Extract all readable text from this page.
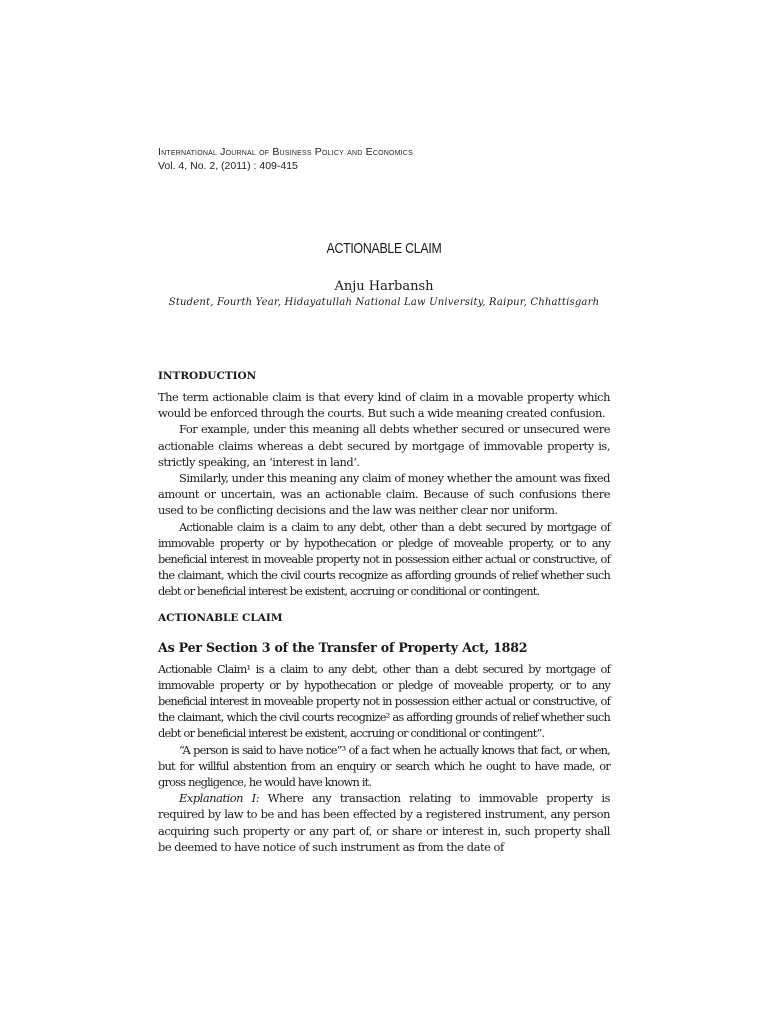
International Journal of Business Policy and Economics
Vol. 4, No. 2, (2011) : 409-415
ACTIONABLE CLAIM
Anju Harbansh
Student, Fourth Year, Hidayatullah National Law University, Raipur, Chhattisgarh
INTRODUCTION

The term actionable claim is that every kind of claim in a movable property which would be enforced through the courts. But such a wide meaning created confusion.

For example, under this meaning all debts whether secured or unsecured were actionable claims whereas a debt secured by mortgage of immovable property is, strictly speaking, an ‘interest in land’.

Similarly, under this meaning any claim of money whether the amount was fixed amount or uncertain, was an actionable claim. Because of such confusions there used to be conflicting decisions and the law was neither clear nor uniform.

Actionable claim is a claim to any debt, other than a debt secured by mortgage of immovable property or by hypothecation or pledge of moveable property, or to any beneficial interest in moveable property not in possession either actual or constructive, of the claimant, which the civil courts recognize as affording grounds of relief whether such debt or beneficial interest be existent, accruing or conditional or contingent.

ACTIONABLE CLAIM
As Per Section 3 of the Transfer of Property Act, 1882

Actionable Claim¹ is a claim to any debt, other than a debt secured by mortgage of immovable property or by hypothecation or pledge of moveable property, or to any beneficial interest in moveable property not in possession either actual or constructive, of the claimant, which the civil courts recognize² as affording grounds of relief whether such debt or beneficial interest be existent, accruing or conditional or contingent”.

“A person is said to have notice”³ of a fact when he actually knows that fact, or when, but for willful abstention from an enquiry or search which he ought to have made, or gross negligence, he would have known it.

Explanation I: Where any transaction relating to immovable property is required by law to be and has been effected by a registered instrument, any person acquiring such property or any part of, or share or interest in, such property shall be deemed to have notice of such instrument as from the date of
